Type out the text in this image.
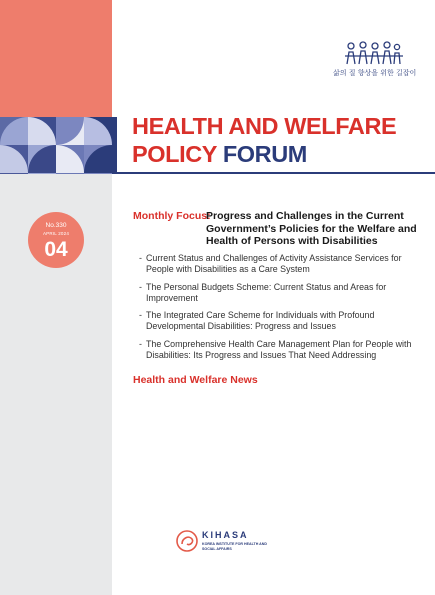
삶의 질 향상을 위한 길잡이
HEALTH AND WELFARE
POLICY FORUM
No.330
APRIL 2024
04
Monthly Focus:
Progress and Challenges in the Current Government’s Policies for the Welfare and Health of Persons with Disabilities
- Current Status and Challenges of Activity Assistance Services for People with Disabilities as a Care System
- The Personal Budgets Scheme: Current Status and Areas for Improvement
- The Integrated Care Scheme for Individuals with Profound Developmental Disabilities: Progress and Issues
- The Comprehensive Health Care Management Plan for People with Disabilities: Its Progress and Issues That Need Addressing
Health and Welfare News
KIHASA
KOREA INSTITUTE FOR HEALTH AND SOCIAL AFFAIRS
